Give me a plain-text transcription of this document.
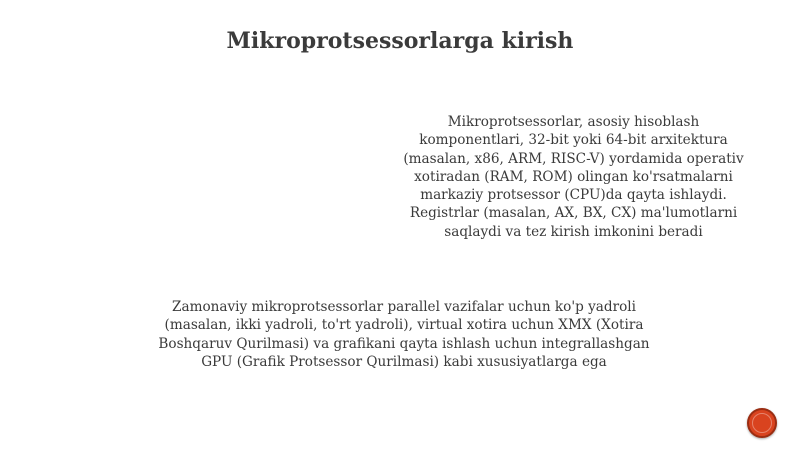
Mikroprotsessorlarga kirish
Mikroprotsessorlar, asosiy hisoblash komponentlari, 32-bit yoki 64-bit arxitektura (masalan, x86, ARM, RISC-V) yordamida operativ xotiradan (RAM, ROM) olingan ko'rsatmalarni markaziy protsessor (CPU)da qayta ishlaydi. Registrlar (masalan, AX, BX, CX) ma'lumotlarni saqlaydi va tez kirish imkonini beradi
Zamonaviy mikroprotsessorlar parallel vazifalar uchun ko'p yadroli (masalan, ikki yadroli, to'rt yadroli), virtual xotira uchun XMX (Xotira Boshqaruv Qurilmasi) va grafikani qayta ishlash uchun integrallashgan GPU (Grafik Protsessor Qurilmasi) kabi xususiyatlarga ega
